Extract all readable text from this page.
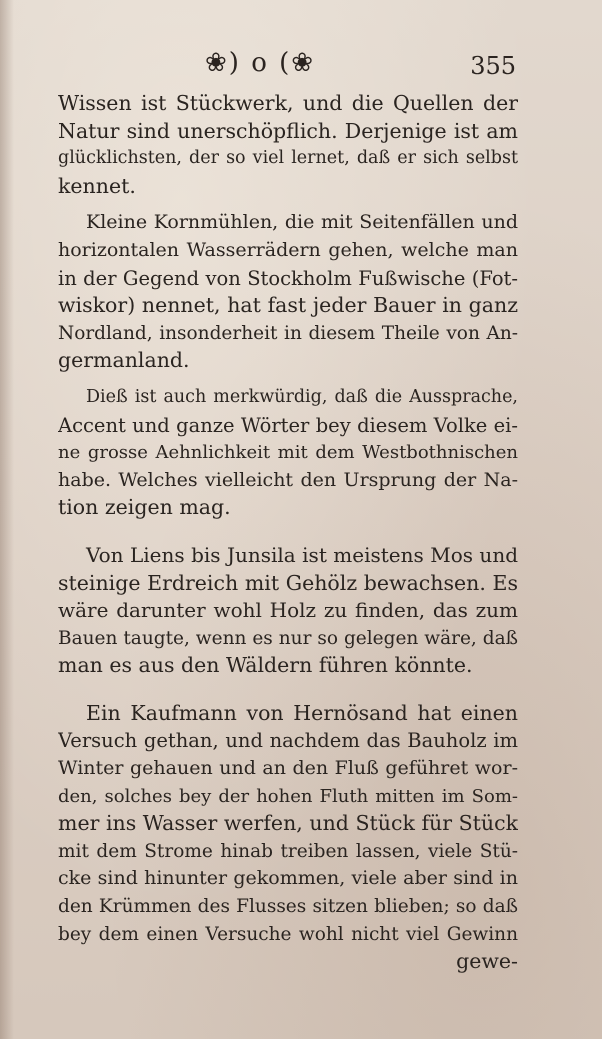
❀) o (❀	355
Wissen ist Stückwerk, und die Quellen der
Natur sind unerschöpflich. Derjenige ist am
glücklichsten, der so viel lernet, daß er sich selbst
kennet.
Kleine Kornmühlen, die mit Seitenfällen und
horizontalen Wasserrädern gehen, welche man
in der Gegend von Stockholm Fußwische (Fot-
wiskor) nennet, hat fast jeder Bauer in ganz
Nordland, insonderheit in diesem Theile von An-
germanland.
Dieß ist auch merkwürdig, daß die Aussprache,
Accent und ganze Wörter bey diesem Volke ei-
ne grosse Aehnlichkeit mit dem Westbothnischen
habe. Welches vielleicht den Ursprung der Na-
tion zeigen mag.
Von Liens bis Junsila ist meistens Mos und
steinige Erdreich mit Gehölz bewachsen. Es
wäre darunter wohl Holz zu finden, das zum
Bauen taugte, wenn es nur so gelegen wäre, daß
man es aus den Wäldern führen könnte.
Ein Kaufmann von Hernösand hat einen
Versuch gethan, und nachdem das Bauholz im
Winter gehauen und an den Fluß geführet wor-
den, solches bey der hohen Fluth mitten im Som-
mer ins Wasser werfen, und Stück für Stück
mit dem Strome hinab treiben lassen, viele Stü-
cke sind hinunter gekommen, viele aber sind in
den Krümmen des Flusses sitzen blieben; so daß
bey dem einen Versuche wohl nicht viel Gewinn
gewe-
